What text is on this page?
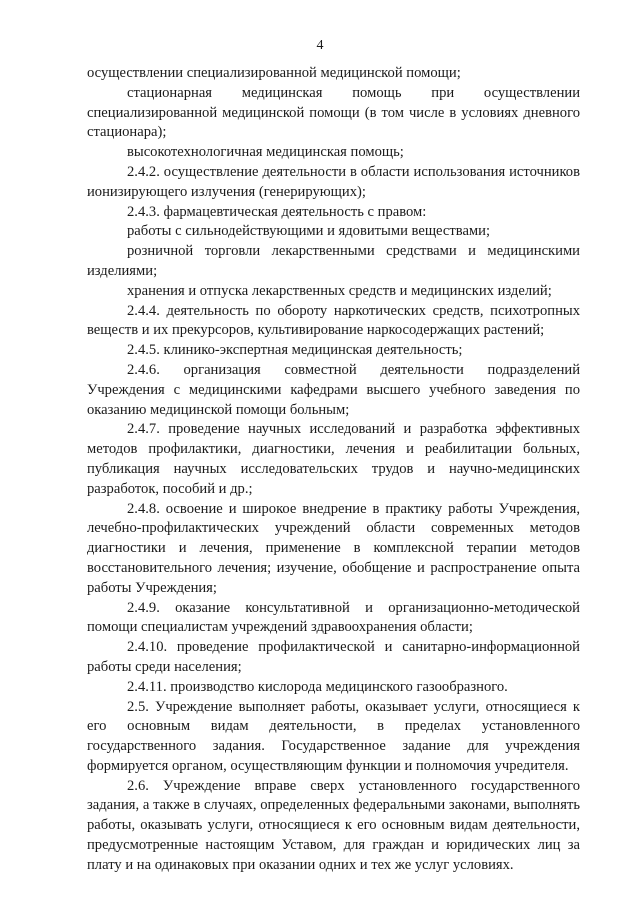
4

осуществлении специализированной медицинской помощи;

стационарная медицинская помощь при осуществлении специализированной медицинской помощи (в том числе в условиях дневного стационара);

высокотехнологичная медицинская помощь;

2.4.2. осуществление деятельности в области использования источников ионизирующего излучения (генерирующих);

2.4.3. фармацевтическая деятельность с правом:

работы с сильнодействующими и ядовитыми веществами;

розничной торговли лекарственными средствами и медицинскими изделиями;

хранения и отпуска лекарственных средств и медицинских изделий;

2.4.4. деятельность по обороту наркотических средств, психотропных веществ и их прекурсоров, культивирование наркосодержащих растений;

2.4.5. клинико-экспертная медицинская деятельность;

2.4.6. организация совместной деятельности подразделений Учреждения с медицинскими кафедрами высшего учебного заведения по оказанию медицинской помощи больным;

2.4.7. проведение научных исследований и разработка эффективных методов профилактики, диагностики, лечения и реабилитации больных, публикация научных исследовательских трудов и научно-медицинских разработок, пособий и др.;

2.4.8. освоение и широкое внедрение в практику работы Учреждения, лечебно-профилактических учреждений области современных методов диагностики и лечения, применение в комплексной терапии методов восстановительного лечения; изучение, обобщение и распространение опыта работы Учреждения;

2.4.9. оказание консультативной и организационно-методической помощи специалистам учреждений здравоохранения области;

2.4.10. проведение профилактической и санитарно-информационной работы среди населения;

2.4.11. производство кислорода медицинского газообразного.

2.5. Учреждение выполняет работы, оказывает услуги, относящиеся к его основным видам деятельности, в пределах установленного государственного задания. Государственное задание для учреждения формируется органом, осуществляющим функции и полномочия учредителя.

2.6. Учреждение вправе сверх установленного государственного задания, а также в случаях, определенных федеральными законами, выполнять работы, оказывать услуги, относящиеся к его основным видам деятельности, предусмотренные настоящим Уставом, для граждан и юридических лиц за плату и на одинаковых при оказании одних и тех же услуг условиях.
